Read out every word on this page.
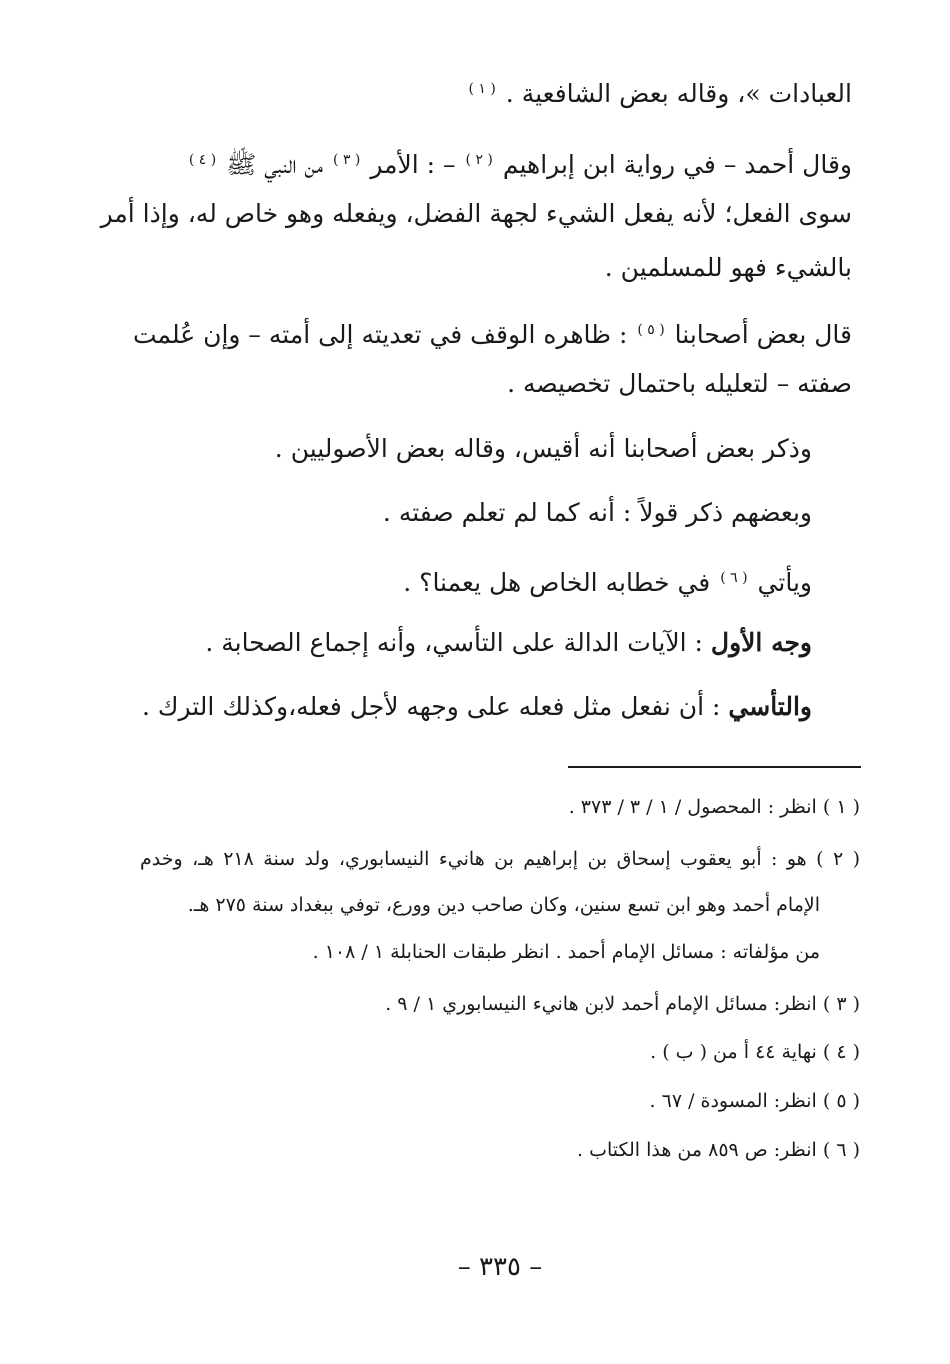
العبادات »، وقاله بعض الشافعية . $^{( ١ )}$
وقال أحمد – في رواية ابن إبراهيم $^{( ٢ )}$ – : الأمر $^{( ٣ )}$ من النبي ﷺ $^{( ٤ )}$
سوى الفعل؛ لأنه يفعل الشيء لجهة الفضل، ويفعله وهو خاص له، وإذا أمر
بالشيء فهو للمسلمين .
قال بعض أصحابنا $^{( ٥ )}$ : ظاهره الوقف في تعديته إلى أمته – وإن عُلمت
صفته – لتعليله باحتمال تخصيصه .
وذكر بعض أصحابنا أنه أقيس، وقاله بعض الأصوليين .
وبعضهم ذكر قولاً : أنه كما لم تعلم صفته .
ويأتي $^{( ٦ )}$ في خطابه الخاص هل يعمنا؟ .
وجه الأول : الآيات الدالة على التأسي، وأنه إجماع الصحابة .
والتأسي : أن نفعل مثل فعله على وجهه لأجل فعله،وكذلك الترك .
( ١ ) انظر : المحصول / ١ / ٣ / ٣٧٣ .
( ٢ ) هو : أبو يعقوب إسحاق بن إبراهيم بن هانيء النيسابوري، ولد سنة ٢١٨ هـ، وخدم
الإمام أحمد وهو ابن تسع سنين، وكان صاحب دين وورع، توفي ببغداد سنة ٢٧٥ هـ.
من مؤلفاته : مسائل الإمام أحمد . انظر طبقات الحنابلة ١ / ١٠٨ .
( ٣ ) انظر: مسائل الإمام أحمد لابن هانيء النيسابوري ١ / ٩ .
( ٤ ) نهاية ٤٤ أ من ( ب ) .
( ٥ ) انظر: المسودة / ٦٧ .
( ٦ ) انظر: ص ٨٥٩ من هذا الكتاب .
– ٣٣٥ –
